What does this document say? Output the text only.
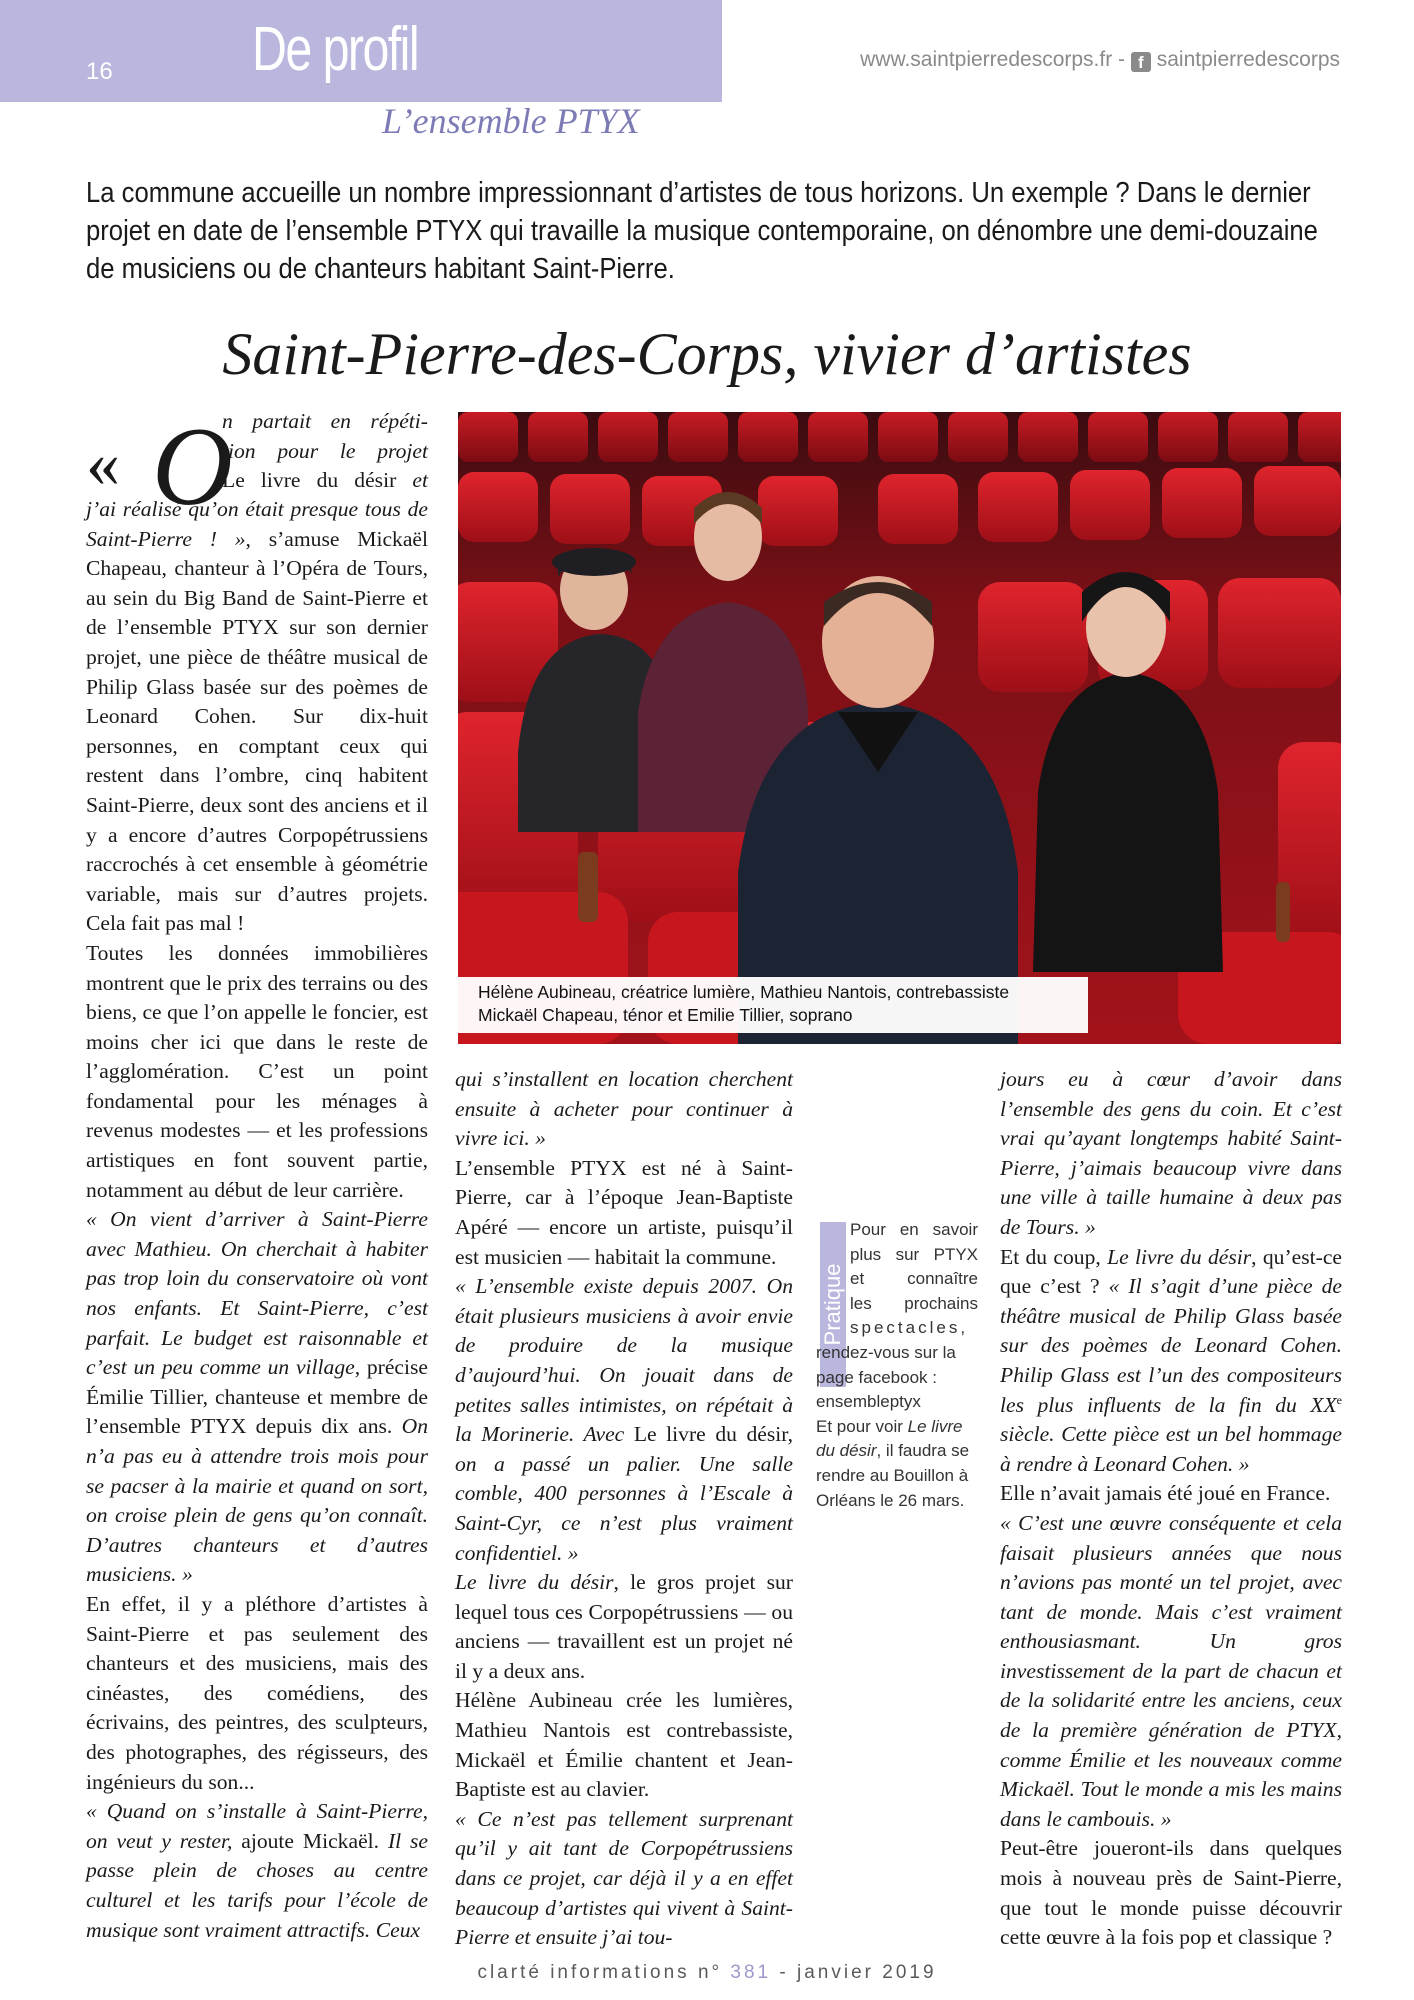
16 De profil	www.saintpierredescorps.fr - f saintpierredescorps
L’ensemble PTYX
La commune accueille un nombre impressionnant d’artistes de tous horizons. Un exemple ? Dans le dernier
projet en date de l’ensemble PTYX qui travaille la musique contemporaine, on dénombre une demi-douzaine
de musiciens ou de chanteurs habitant Saint-Pierre.
Saint-Pierre-des-Corps, vivier d’artistes
« O
n partait en répéti-
tion pour le projet
Le livre du désir et

j’ai réalisé qu’on était presque tous de Saint-Pierre ! », s’amuse Mickaël Chapeau, chanteur à l’Opéra de Tours, au sein du Big Band de Saint-Pierre et de l’ensemble PTYX sur son dernier projet, une pièce de théâtre musical de Philip Glass basée sur des poèmes de Leonard Cohen. Sur dix-huit personnes, en comptant ceux qui restent dans l’ombre, cinq habitent Saint-Pierre, deux sont des anciens et il y a encore d’autres Corpopétrussiens raccrochés à cet ensemble à géométrie variable, mais sur d’autres projets. Cela fait pas mal !

Toutes les données immobilières montrent que le prix des terrains ou des biens, ce que l’on appelle le foncier, est moins cher ici que dans le reste de l’agglomération. C’est un point fondamental pour les ménages à revenus modestes — et les professions artistiques en font souvent partie, notamment au début de leur carrière.

« On vient d’arriver à Saint-Pierre avec Mathieu. On cherchait à habiter pas trop loin du conservatoire où vont nos enfants. Et Saint-Pierre, c’est parfait. Le budget est raisonnable et c’est un peu comme un village, précise Émilie Tillier, chanteuse et membre de l’ensemble PTYX depuis dix ans. On n’a pas eu à attendre trois mois pour se pacser à la mairie et quand on sort, on croise plein de gens qu’on connaît. D’autres chanteurs et d’autres musiciens. »

En effet, il y a pléthore d’artistes à Saint-Pierre et pas seulement des chanteurs et des musiciens, mais des cinéastes, des comédiens, des écrivains, des peintres, des sculpteurs, des photographes, des régisseurs, des ingénieurs du son...

« Quand on s’installe à Saint-Pierre, on veut y rester, ajoute Mickaël. Il se passe plein de choses au centre culturel et les tarifs pour l’école de musique sont vraiment attractifs. Ceux

Hélène Aubineau, créatrice lumière, Mathieu Nantois, contrebassiste
Mickaël Chapeau, ténor et Emilie Tillier, soprano

qui s’installent en location cherchent ensuite à acheter pour continuer à vivre ici. »

L’ensemble PTYX est né à Saint-Pierre, car à l’époque Jean-Baptiste Apéré — encore un artiste, puisqu’il est musicien — habitait la commune.

« L’ensemble existe depuis 2007. On était plusieurs musiciens à avoir envie de produire de la musique d’aujourd’hui. On jouait dans de petites salles intimistes, on répétait à la Morinerie. Avec Le livre du désir, on a passé un palier. Une salle comble, 400 personnes à l’Escale à Saint-Cyr, ce n’est plus vraiment confidentiel. »

Le livre du désir, le gros projet sur lequel tous ces Corpopétrussiens — ou anciens — travaillent est un projet né il y a deux ans.

Hélène Aubineau crée les lumières, Mathieu Nantois est contrebassiste, Mickaël et Émilie chantent et Jean-Baptiste est au clavier.

« Ce n’est pas tellement surprenant qu’il y ait tant de Corpopétrussiens dans ce projet, car déjà il y a en effet beaucoup d’artistes qui vivent à Saint-Pierre et ensuite j’ai tou-

Pratique
Pour en savoir
plus sur PTYX
et connaître
les prochains
spectacles,
rendez-vous sur la
page facebook :
ensembleptyx
Et pour voir Le livre du désir, il faudra se rendre au Bouillon à Orléans le 26 mars.

jours eu à cœur d’avoir dans l’ensemble des gens du coin. Et c’est vrai qu’ayant longtemps habité Saint-Pierre, j’aimais beaucoup vivre dans une ville à taille humaine à deux pas de Tours. »

Et du coup, Le livre du désir, qu’est-ce que c’est ? « Il s’agit d’une pièce de théâtre musical de Philip Glass basée sur des poèmes de Leonard Cohen. Philip Glass est l’un des compositeurs les plus influents de la fin du XXe siècle. Cette pièce est un bel hommage à rendre à Leonard Cohen. »

Elle n’avait jamais été joué en France.

« C’est une œuvre conséquente et cela faisait plusieurs années que nous n’avions pas monté un tel projet, avec tant de monde. Mais c’est vraiment enthousiasmant. Un gros investissement de la part de chacun et de la solidarité entre les anciens, ceux de la première génération de PTYX, comme Émilie et les nouveaux comme Mickaël. Tout le monde a mis les mains dans le cambouis. »

Peut-être joueront-ils dans quelques mois à nouveau près de Saint-Pierre, que tout le monde puisse découvrir cette œuvre à la fois pop et classique ?

clarté informations n° 381 - janvier 2019
